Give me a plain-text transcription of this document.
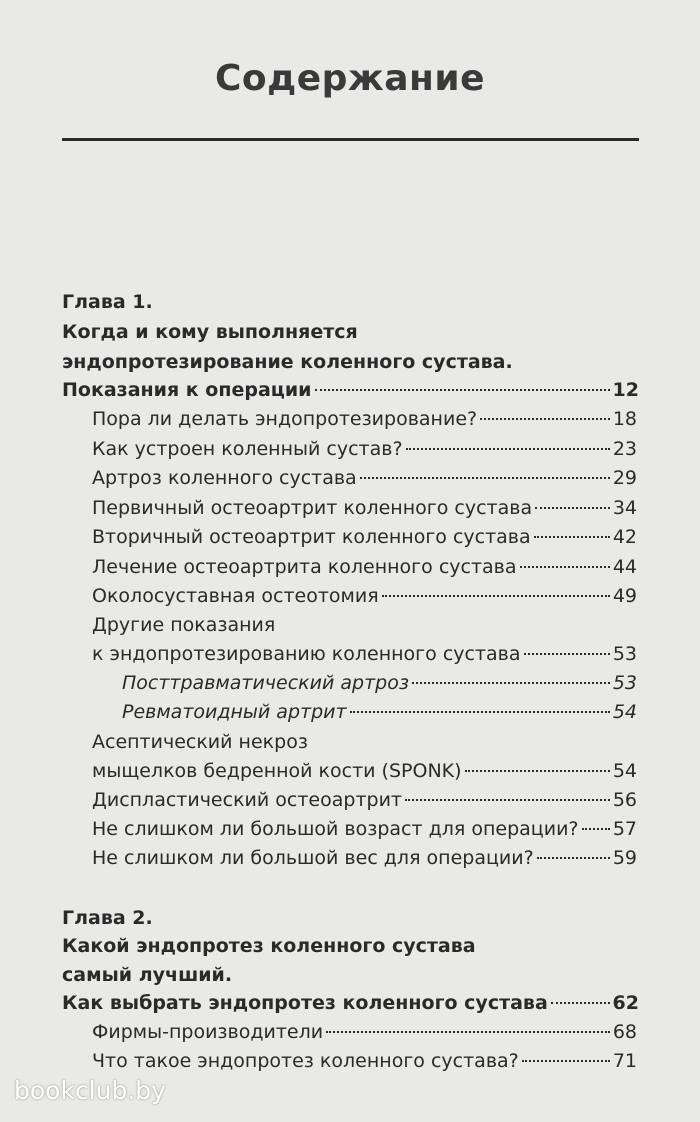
Содержание
Глава 1.
Когда и кому выполняется
эндопротезирование коленного сустава.
Показания к операции	12
Пора ли делать эндопротезирование?	18
Как устроен коленный сустав?	23
Артроз коленного сустава	29
Первичный остеоартрит коленного сустава	34
Вторичный остеоартрит коленного сустава	42
Лечение остеоартрита коленного сустава	44
Околосуставная остеотомия	49
Другие показания
к эндопротезированию коленного сустава	53
Посттравматический артроз	53
Ревматоидный артрит	54
Асептический некроз
мыщелков бедренной кости (SPONK)	54
Диспластический остеоартрит	56
Не слишком ли большой возраст для операции? 57
Не слишком ли большой вес для операции?	59
Глава 2.
Какой эндопротез коленного сустава
самый лучший.
Как выбрать эндопротез коленного сустава	62
Фирмы-производители	68
Что такое эндопротез коленного сустава?	71
bookclub.by
